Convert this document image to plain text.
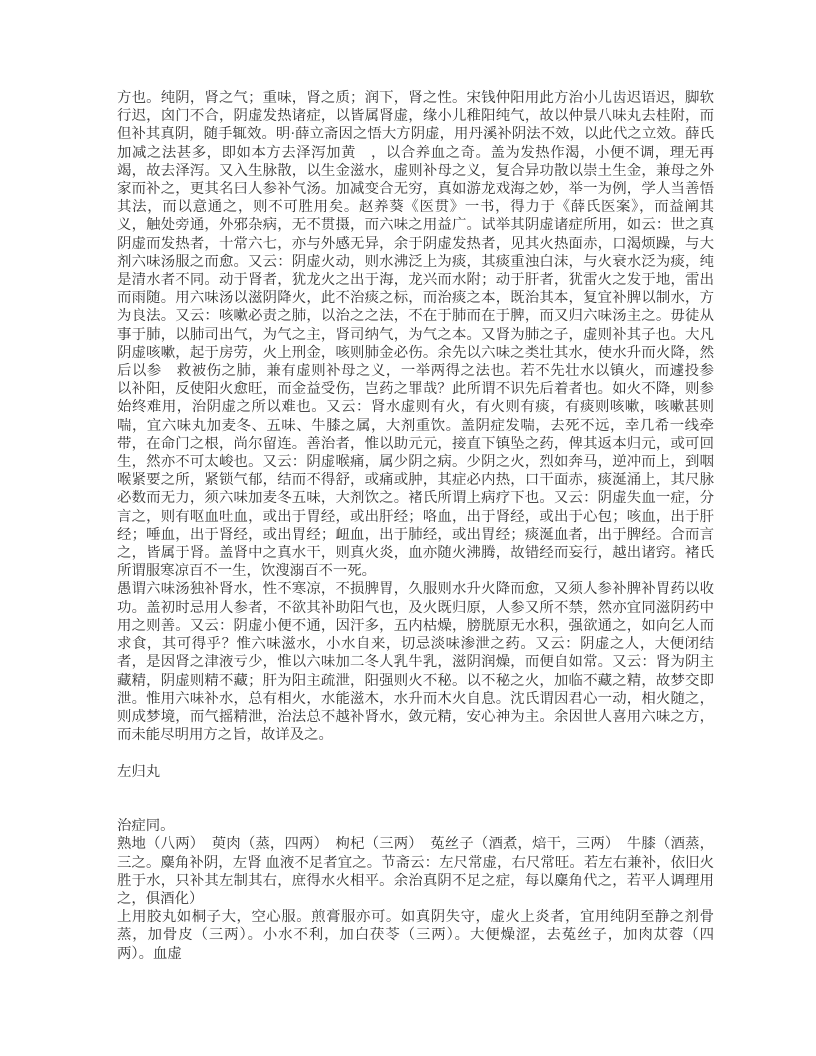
方也。纯阴，肾之气；重味，肾之质；润下，肾之性。宋钱仲阳用此方治小儿齿迟语迟，脚软行迟，囟门不合，阴虚发热诸症，以皆属肾虚，缘小儿稚阳纯气，故以仲景八味丸去桂附，而但补其真阴，随手辄效。明·薛立斋因之悟大方阴虚，用丹溪补阴法不效，以此代之立效。薛氏加减之法甚多，即如本方去泽泻加黄　，以合养血之奇。盖为发热作渴，小便不调，理无再竭，故去泽泻。又入生脉散，以生金滋水，虚则补母之义，复合异功散以崇土生金，兼母之外家而补之，更其名曰人参补气汤。加减变合无穷，真如游龙戏海之妙，举一为例，学人当善悟其法，而以意通之，则不可胜用矣。赵养葵《医贯》一书，得力于《薛氏医案》，而益阐其义，触处旁通，外邪杂病，无不贯摄，而六味之用益广。试举其阴虚诸症所用，如云：世之真阴虚而发热者，十常六七，亦与外感无异，余于阴虚发热者，见其火热面赤，口渴烦躁，与大剂六味汤服之而愈。又云：阴虚火动，则水沸泛上为痰，其痰重浊白沫，与火衰水泛为痰，纯是清水者不同。动于肾者，犹龙火之出于海，龙兴而水附；动于肝者，犹雷火之发于地，雷出而雨随。用六味汤以滋阴降火，此不治痰之标，而治痰之本，既治其本，复宜补脾以制水，方为良法。又云：咳嗽必责之肺，以治之之法，不在于肺而在于脾，而又归六味汤主之。毋徒从事于肺，以肺司出气，为气之主，肾司纳气，为气之本。又肾为肺之子，虚则补其子也。大凡阴虚咳嗽，起于房劳，火上刑金，咳则肺金必伤。余先以六味之类壮其水，使水升而火降，然后以参　救被伤之肺，兼有虚则补母之义，一举两得之法也。若不先壮水以镇火，而遽投参　以补阳，反使阳火愈旺，而金益受伤，岂药之罪哉？此所谓不识先后着者也。如火不降，则参　始终难用，治阴虚之所以难也。又云：肾水虚则有火，有火则有痰，有痰则咳嗽，咳嗽甚则喘，宜六味丸加麦冬、五味、牛膝之属，大剂重饮。盖阴症发喘，去死不远，幸几希一线牵带，在命门之根，尚尔留连。善治者，惟以助元元，接直下镇坠之药，俾其返本归元，或可回生，然亦不可太峻也。又云：阴虚喉痛，属少阴之病。少阴之火，烈如奔马，逆冲而上，到咽喉紧要之所，紧锁气郁，结而不得舒，或痛或肿，其症必内热，口干面赤，痰涎涌上，其尺脉必数而无力，须六味加麦冬五味，大剂饮之。褚氏所谓上病疗下也。又云：阴虚失血一症，分言之，则有呕血吐血，或出于胃经，或出肝经；咯血，出于肾经，或出于心包；咳血，出于肝经；唾血，出于肾经，或出胃经；衄血，出于肺经，或出胃经；痰涎血者，出于脾经。合而言之，皆属于肾。盖肾中之真水干，则真火炎，血亦随火沸腾，故错经而妄行，越出诸窍。褚氏所谓服寒凉百不一生，饮溲溺百不一死。

愚谓六味汤独补肾水，性不寒凉，不损脾胃，久服则水升火降而愈，又须人参补脾补胃药以收功。盖初时忌用人参者，不欲其补助阳气也，及火既归原，人参又所不禁，然亦宜同滋阴药中用之则善。又云：阴虚小便不通，因汗多，五内枯燥，膀胱原无水积，强欲通之，如向乞人而求食，其可得乎？惟六味滋水，小水自来，切忌淡味渗泄之药。又云：阴虚之人，大便闭结者，是因肾之津液亏少，惟以六味加二冬人乳牛乳，滋阴润燥，而便自如常。又云：肾为阴主藏精，阴虚则精不藏；肝为阳主疏泄，阳强则火不秘。以不秘之火，加临不藏之精，故梦交即泄。惟用六味补水，总有相火，水能滋木，水升而木火自息。沈氏谓因君心一动，相火随之，则成梦境，而气摇精泄，治法总不越补肾水，敛元精，安心神为主。余因世人喜用六味之方，而未能尽明用方之旨，故详及之。

左归丸

治症同。

熟地（八两）　萸肉（蒸，四两）　枸杞（三两）　菟丝子（酒煮，焙干，三两）　牛膝（酒蒸，三之。麋角补阴，左肾 血液不足者宜之。节斋云：左尺常虚，右尺常旺。若左右兼补，依旧火胜于水，只补其左制其右，庶得水火相平。余治真阴不足之症，每以麋角代之，若平人调理用之，俱酒化）

上用胶丸如桐子大，空心服。煎膏服亦可。如真阴失守，虚火上炎者，宜用纯阴至静之剂骨蒸，加骨皮（三两）。小水不利，加白茯苓（三两）。大便燥涩，去菟丝子，加肉苁蓉（四两）。血虚
